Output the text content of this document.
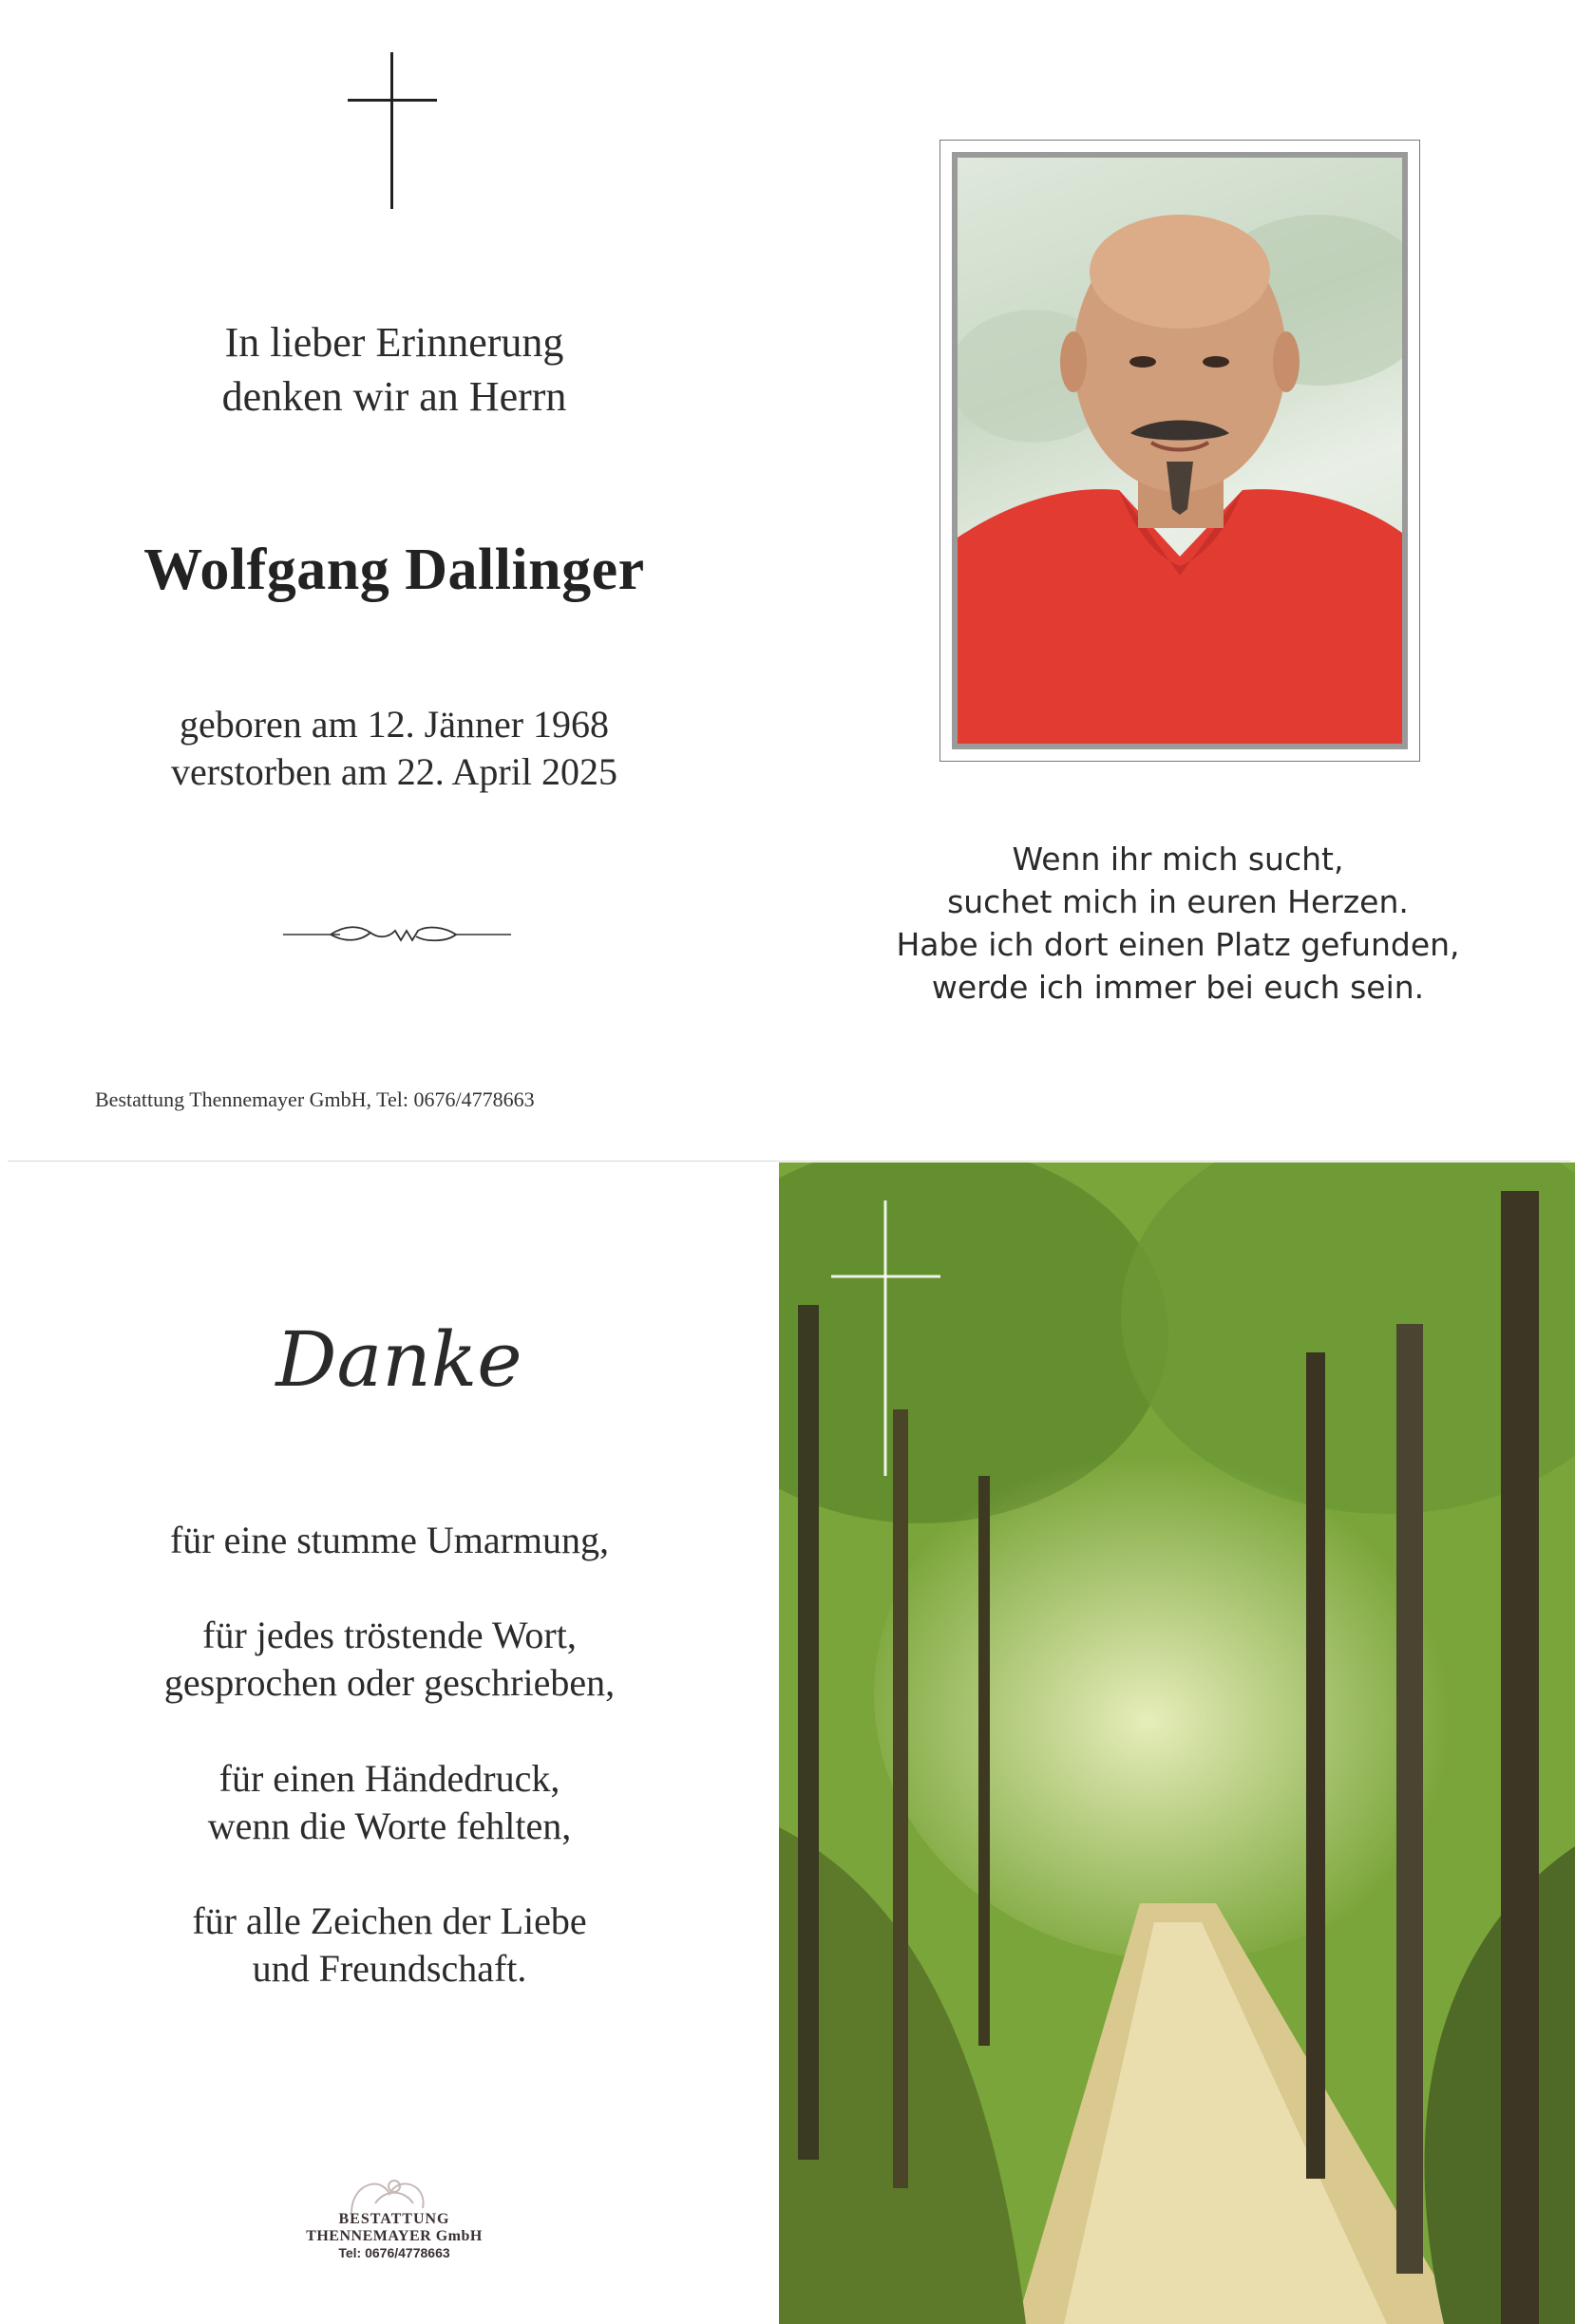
In lieber Erinnerung
denken wir an Herrn
Wolfgang Dallinger
geboren am 12. Jänner 1968
verstorben am 22. April 2025
Bestattung Thennemayer GmbH, Tel: 0676/4778663
Wenn ihr mich sucht,
suchet mich in euren Herzen.
Habe ich dort einen Platz gefunden,
werde ich immer bei euch sein.
Danke
für eine stumme Umarmung,
für jedes tröstende Wort,
gesprochen oder geschrieben,
für einen Händedruck,
wenn die Worte fehlten,
für alle Zeichen der Liebe
und Freundschaft.
BESTATTUNG
THENNEMAYER GmbH
Tel: 0676/4778663
